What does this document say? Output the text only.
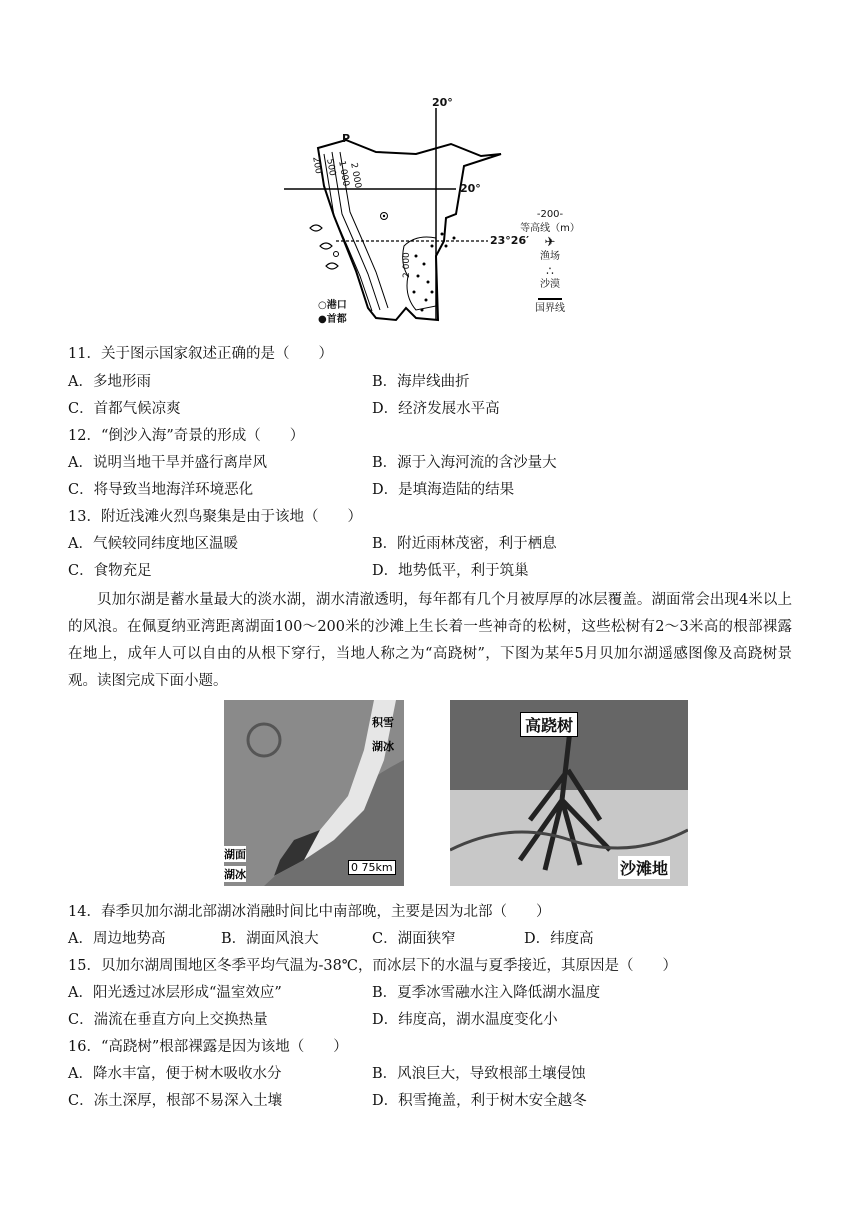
20°
20°
23°26′
P
200 500 1 000
2 000
2 000
○港口
●首都
-200-
等高线（m）
✈
渔场
∴
沙漠
国界线
11．关于图示国家叙述正确的是（　　）
A．多地形雨	B．海岸线曲折
C．首都气候凉爽	D．经济发展水平高
12．“倒沙入海”奇景的形成（　　）
A．说明当地干旱并盛行离岸风	B．源于入海河流的含沙量大
C．将导致当地海洋环境恶化	D．是填海造陆的结果
13．附近浅滩火烈鸟聚集是由于该地（　　）
A．气候较同纬度地区温暖	B．附近雨林茂密，利于栖息
C．食物充足	D．地势低平，利于筑巢
贝加尔湖是蓄水量最大的淡水湖，湖水清澈透明，每年都有几个月被厚厚的冰层覆盖。湖面常会出现4米以上的风浪。在佩夏纳亚湾距离湖面100～200米的沙滩上生长着一些神奇的松树，这些松树有2～3米高的根部裸露在地上，成年人可以自由的从根下穿行，当地人称之为“高跷树”，下图为某年5月贝加尔湖遥感图像及高跷树景观。读图完成下面小题。
积雪
湖冰
湖面
湖冰
0 75km
高跷树
沙滩地
14．春季贝加尔湖北部湖冰消融时间比中南部晚，主要是因为北部（　　）
A．周边地势高	B．湖面风浪大	C．湖面狭窄	D．纬度高
15．贝加尔湖周围地区冬季平均气温为-38℃，而冰层下的水温与夏季接近，其原因是（　　）
A．阳光透过冰层形成“温室效应”	B．夏季冰雪融水注入降低湖水温度
C．湍流在垂直方向上交换热量	D．纬度高，湖水温度变化小
16．“高跷树”根部裸露是因为该地（　　）
A．降水丰富，便于树木吸收水分	B．风浪巨大，导致根部土壤侵蚀
C．冻土深厚，根部不易深入土壤	D．积雪掩盖，利于树木安全越冬
